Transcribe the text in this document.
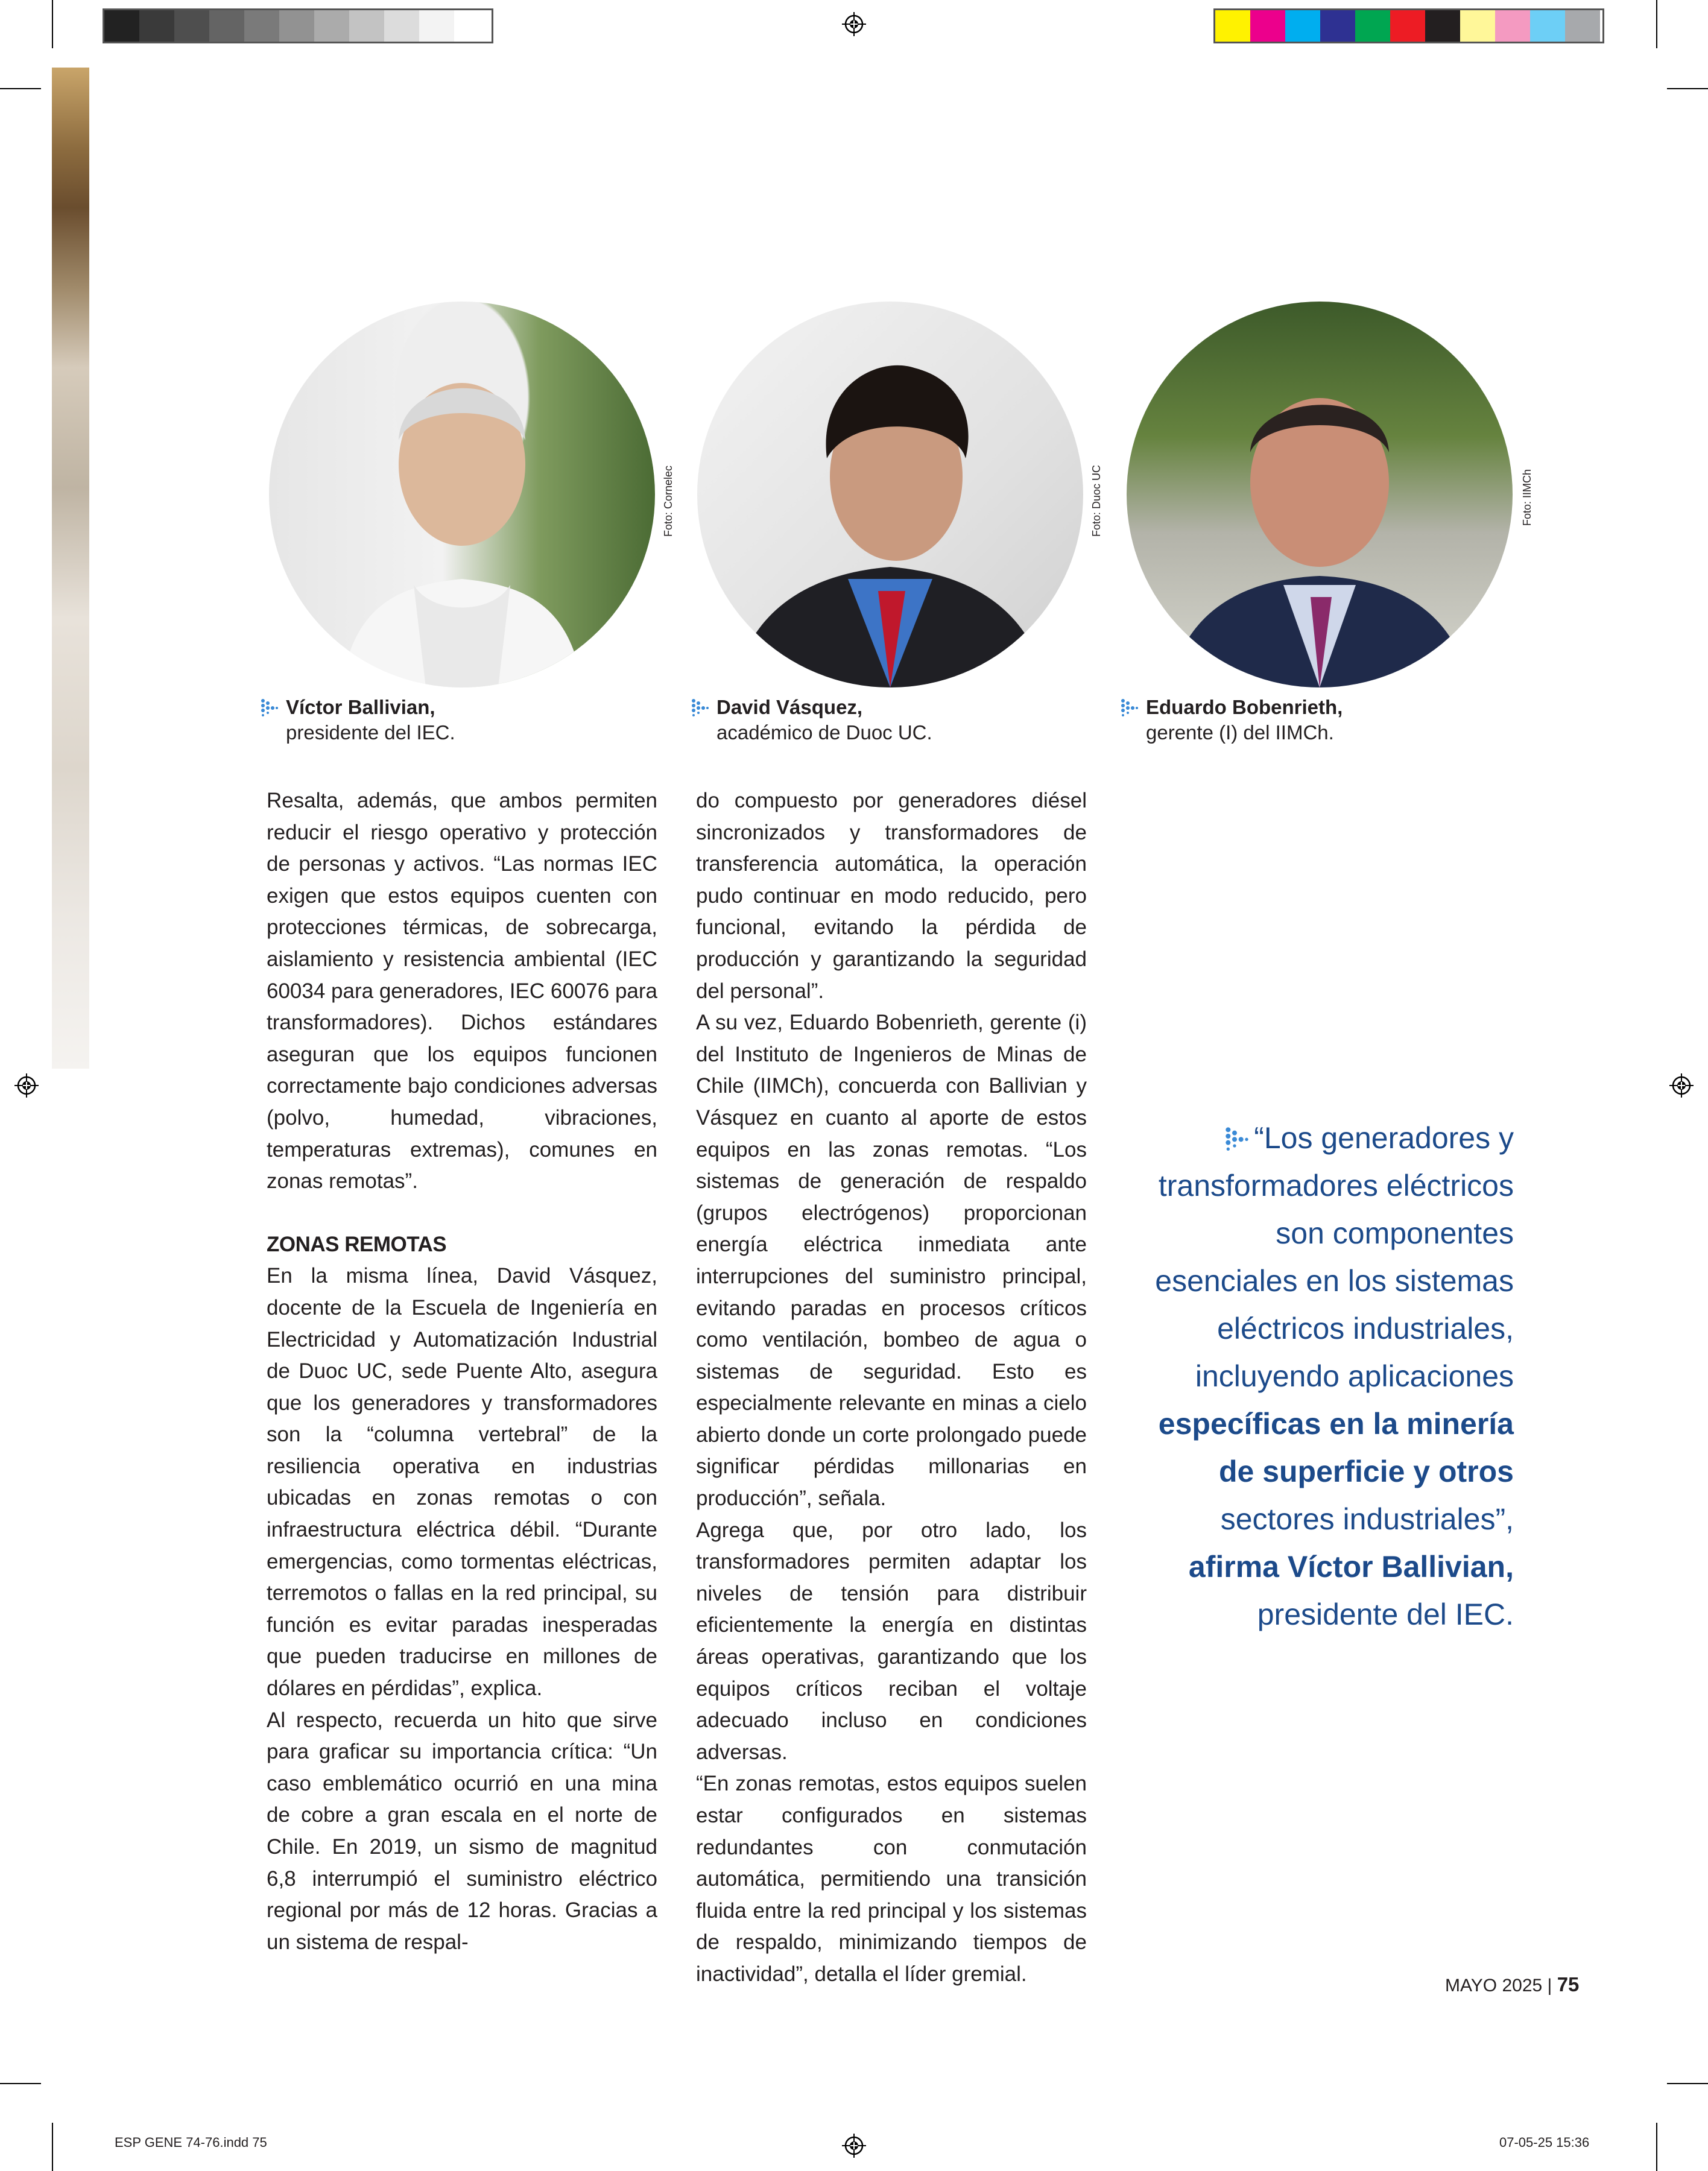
Foto: Cornelec	Foto: Duoc UC	Foto: IIMCh
Víctor Ballivian,
presidente del IEC.
David Vásquez,
académico de Duoc UC.
Eduardo Bobenrieth,
gerente (I) del IIMCh.

Resalta, además, que ambos permiten reducir el riesgo operativo y protección de personas y activos. “Las normas IEC exigen que estos equipos cuenten con protecciones térmicas, de sobrecarga, aislamiento y resistencia ambiental (IEC 60034 para generadores, IEC 60076 para transformadores). Dichos estándares aseguran que los equipos funcionen correctamente bajo condiciones adversas (polvo, humedad, vibraciones, temperaturas extremas), comunes en zonas remotas”.

ZONAS REMOTAS

En la misma línea, David Vásquez, docente de la Escuela de Ingeniería en Electricidad y Automatización Industrial de Duoc UC, sede Puente Alto, asegura que los generadores y transformadores son la “columna vertebral” de la resiliencia operativa en industrias ubicadas en zonas remotas o con infraestructura eléctrica débil. “Durante emergencias, como tormentas eléctricas, terremotos o fallas en la red principal, su función es evitar paradas inesperadas que pueden traducirse en millones de dólares en pérdidas”, explica.

Al respecto, recuerda un hito que sirve para graficar su importancia crítica: “Un caso emblemático ocurrió en una mina de cobre a gran escala en el norte de Chile. En 2019, un sismo de magnitud 6,8 interrumpió el suministro eléctrico regional por más de 12 horas. Gracias a un sistema de respal-

do compuesto por generadores diésel sincronizados y transformadores de transferencia automática, la operación pudo continuar en modo reducido, pero funcional, evitando la pérdida de producción y garantizando la seguridad del personal”.

A su vez, Eduardo Bobenrieth, gerente (i) del Instituto de Ingenieros de Minas de Chile (IIMCh), concuerda con Ballivian y Vásquez en cuanto al aporte de estos equipos en las zonas remotas. “Los sistemas de generación de respaldo (grupos electrógenos) proporcionan energía eléctrica inmediata ante interrupciones del suministro principal, evitando paradas en procesos críticos como ventilación, bombeo de agua o sistemas de seguridad. Esto es especialmente relevante en minas a cielo abierto donde un corte prolongado puede significar pérdidas millonarias en producción”, señala.

Agrega que, por otro lado, los transformadores permiten adaptar los niveles de tensión para distribuir eficientemente la energía en distintas áreas operativas, garantizando que los equipos críticos reciban el voltaje adecuado incluso en condiciones adversas.

“En zonas remotas, estos equipos suelen estar configurados en sistemas redundantes con conmutación automática, permitiendo una transición fluida entre la red principal y los sistemas de respaldo, minimizando tiempos de inactividad”, detalla el líder gremial.

“Los generadores y transformadores eléctricos son componentes esenciales en los sistemas eléctricos industriales, incluyendo aplicaciones específicas en la minería de superficie y otros sectores industriales”, afirma Víctor Ballivian, presidente del IEC.
MAYO 2025 | 75
ESP GENE 74-76.indd 75	07-05-25 15:36
